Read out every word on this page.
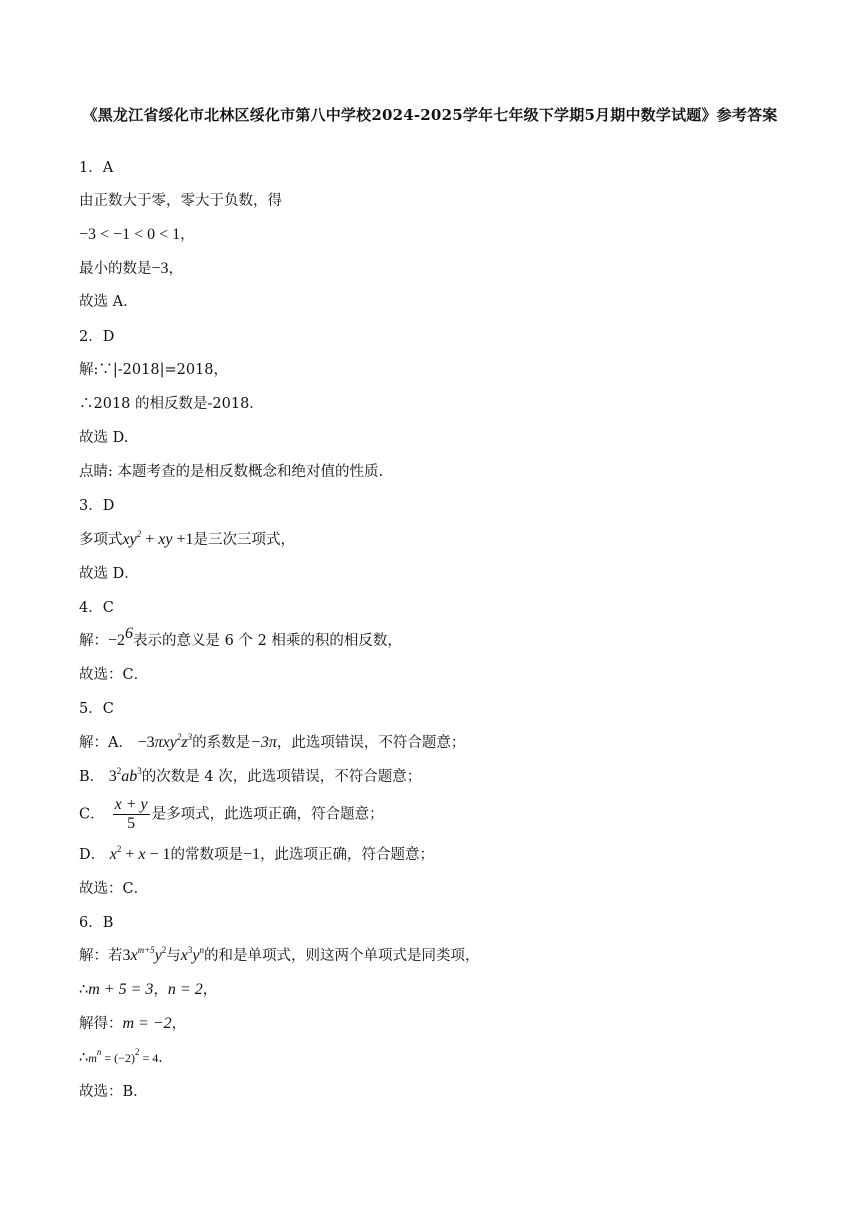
《黑龙江省绥化市北林区绥化市第八中学校2024-2025学年七年级下学期5月期中数学试题》参考答案
1．A
由正数大于零，零大于负数，得
−3 < −1 < 0 < 1，
最小的数是−3，
故选 A．
2．D
解:∵|-2018|=2018，
∴2018 的相反数是-2018．
故选 D.
点睛: 本题考查的是相反数概念和绝对值的性质.
3．D
多项式$xy^2$ + xy +1是三次三项式，
故选 D．
4．C
解：$-2^6$表示的意义是 6 个 2 相乘的积的相反数，
故选：C．
5．C
解：A． $-3\pi xy^2z^3$的系数是−3π，此选项错误，不符合题意；
B． $3^2ab^3$的次数是 4 次，此选项错误，不符合题意；
C． $\frac{x + y}{5}$ 是多项式，此选项正确，符合题意；
D． $x^2 + x - 1$的常数项是−1，此选项正确，符合题意；
故选：C．
6．B
解：若$3x^{m+5}y^2$与$x^3y^n$的和是单项式，则这两个单项式是同类项，
∴m + 5 = 3，n = 2，
解得：m = −2，
$\therefore m^n = (-2)^2 = 4$．
故选：B．
